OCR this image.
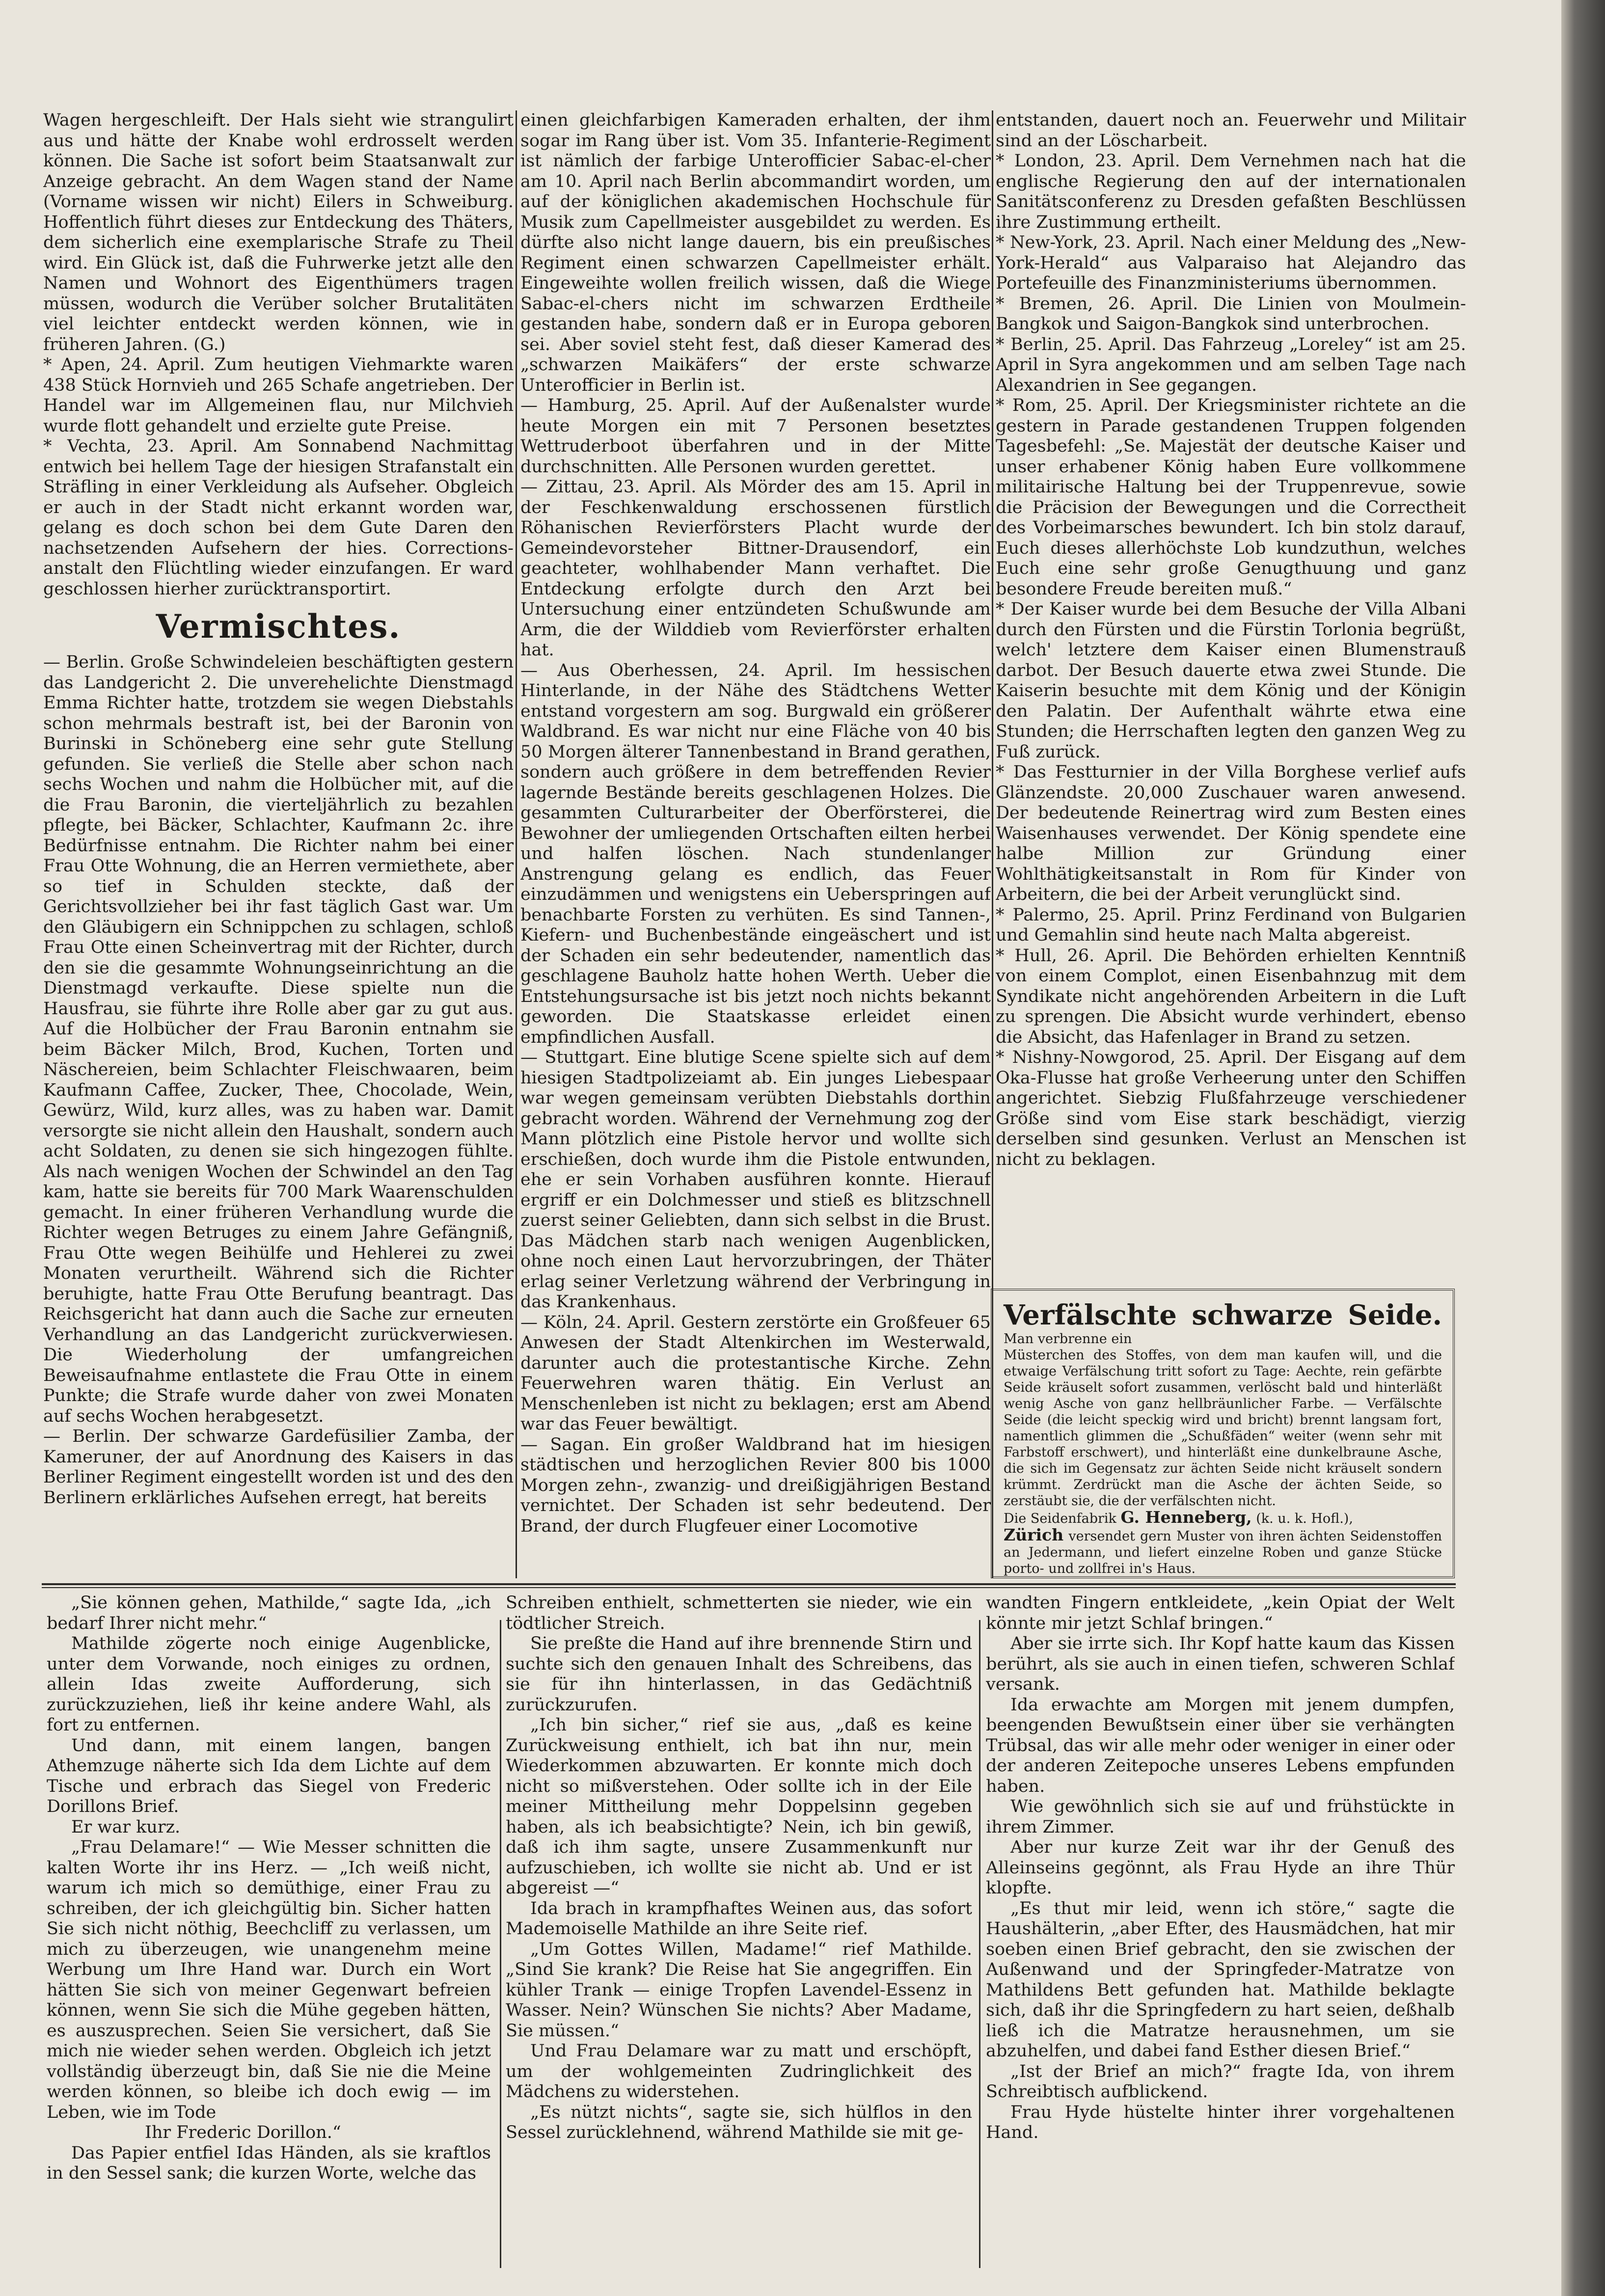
Wagen hergeschleift. Der Hals sieht wie strangulirt aus und hätte der Knabe wohl erdrosselt werden können. Die Sache ist sofort beim Staatsanwalt zur Anzeige gebracht. An dem Wagen stand der Name (Vorname wissen wir nicht) Eilers in Schweiburg. Hoffentlich führt dieses zur Entdeckung des Thäters, dem sicherlich eine exemplarische Strafe zu Theil wird. Ein Glück ist, daß die Fuhrwerke jetzt alle den Namen und Wohnort des Eigenthümers tragen müssen, wodurch die Verüber solcher Brutalitäten viel leichter entdeckt werden können, wie in früheren Jahren. (G.)

* Apen, 24. April. Zum heutigen Viehmarkte waren 438 Stück Hornvieh und 265 Schafe angetrieben. Der Handel war im Allgemeinen flau, nur Milchvieh wurde flott gehandelt und erzielte gute Preise.

* Vechta, 23. April. Am Sonnabend Nachmittag entwich bei hellem Tage der hiesigen Strafanstalt ein Sträfling in einer Verkleidung als Aufseher. Obgleich er auch in der Stadt nicht erkannt worden war, gelang es doch schon bei dem Gute Daren den nachsetzenden Aufsehern der hies. Corrections-anstalt den Flüchtling wieder einzufangen. Er ward geschlossen hierher zurücktransportirt.

Vermischtes.

— Berlin. Große Schwindeleien beschäftigten gestern das Landgericht 2. Die unverehelichte Dienstmagd Emma Richter hatte, trotzdem sie wegen Diebstahls schon mehrmals bestraft ist, bei der Baronin von Burinski in Schöneberg eine sehr gute Stellung gefunden. Sie verließ die Stelle aber schon nach sechs Wochen und nahm die Holbücher mit, auf die die Frau Baronin, die vierteljährlich zu bezahlen pflegte, bei Bäcker, Schlachter, Kaufmann 2c. ihre Bedürfnisse entnahm. Die Richter nahm bei einer Frau Otte Wohnung, die an Herren vermiethete, aber so tief in Schulden steckte, daß der Gerichtsvollzieher bei ihr fast täglich Gast war. Um den Gläubigern ein Schnippchen zu schlagen, schloß Frau Otte einen Scheinvertrag mit der Richter, durch den sie die gesammte Wohnungseinrichtung an die Dienstmagd verkaufte. Diese spielte nun die Hausfrau, sie führte ihre Rolle aber gar zu gut aus. Auf die Holbücher der Frau Baronin entnahm sie beim Bäcker Milch, Brod, Kuchen, Torten und Näschereien, beim Schlachter Fleischwaaren, beim Kaufmann Caffee, Zucker, Thee, Chocolade, Wein, Gewürz, Wild, kurz alles, was zu haben war. Damit versorgte sie nicht allein den Haushalt, sondern auch acht Soldaten, zu denen sie sich hingezogen fühlte. Als nach wenigen Wochen der Schwindel an den Tag kam, hatte sie bereits für 700 Mark Waarenschulden gemacht. In einer früheren Verhandlung wurde die Richter wegen Betruges zu einem Jahre Gefängniß, Frau Otte wegen Beihülfe und Hehlerei zu zwei Monaten verurtheilt. Während sich die Richter beruhigte, hatte Frau Otte Berufung beantragt. Das Reichsgericht hat dann auch die Sache zur erneuten Verhandlung an das Landgericht zurückverwiesen. Die Wiederholung der umfangreichen Beweisaufnahme entlastete die Frau Otte in einem Punkte; die Strafe wurde daher von zwei Monaten auf sechs Wochen herabgesetzt.

— Berlin. Der schwarze Gardefüsilier Zamba, der Kameruner, der auf Anordnung des Kaisers in das Berliner Regiment eingestellt worden ist und des den Berlinern erklärliches Aufsehen erregt, hat bereits

einen gleichfarbigen Kameraden erhalten, der ihm sogar im Rang über ist. Vom 35. Infanterie-Regiment ist nämlich der farbige Unterofficier Sabac-el-cher am 10. April nach Berlin abcommandirt worden, um auf der königlichen akademischen Hochschule für Musik zum Capellmeister ausgebildet zu werden. Es dürfte also nicht lange dauern, bis ein preußisches Regiment einen schwarzen Capellmeister erhält. Eingeweihte wollen freilich wissen, daß die Wiege Sabac-el-chers nicht im schwarzen Erdtheile gestanden habe, sondern daß er in Europa geboren sei. Aber soviel steht fest, daß dieser Kamerad des „schwarzen Maikäfers“ der erste schwarze Unterofficier in Berlin ist.

— Hamburg, 25. April. Auf der Außenalster wurde heute Morgen ein mit 7 Personen besetztes Wettruderboot überfahren und in der Mitte durchschnitten. Alle Personen wurden gerettet.

— Zittau, 23. April. Als Mörder des am 15. April in der Feschkenwaldung erschossenen fürstlich Röhanischen Revierförsters Placht wurde der Gemeindevorsteher Bittner-Drausendorf, ein geachteter, wohlhabender Mann verhaftet. Die Entdeckung erfolgte durch den Arzt bei Untersuchung einer entzündeten Schußwunde am Arm, die der Wilddieb vom Revierförster erhalten hat.

— Aus Oberhessen, 24. April. Im hessischen Hinterlande, in der Nähe des Städtchens Wetter entstand vorgestern am sog. Burgwald ein größerer Waldbrand. Es war nicht nur eine Fläche von 40 bis 50 Morgen älterer Tannenbestand in Brand gerathen, sondern auch größere in dem betreffenden Revier lagernde Bestände bereits geschlagenen Holzes. Die gesammten Culturarbeiter der Oberförsterei, die Bewohner der umliegenden Ortschaften eilten herbei und halfen löschen. Nach stundenlanger Anstrengung gelang es endlich, das Feuer einzudämmen und wenigstens ein Ueberspringen auf benachbarte Forsten zu verhüten. Es sind Tannen-, Kiefern- und Buchenbestände eingeäschert und ist der Schaden ein sehr bedeutender, namentlich das geschlagene Bauholz hatte hohen Werth. Ueber die Entstehungsursache ist bis jetzt noch nichts bekannt geworden. Die Staatskasse erleidet einen empfindlichen Ausfall.

— Stuttgart. Eine blutige Scene spielte sich auf dem hiesigen Stadtpolizeiamt ab. Ein junges Liebespaar war wegen gemeinsam verübten Diebstahls dorthin gebracht worden. Während der Vernehmung zog der Mann plötzlich eine Pistole hervor und wollte sich erschießen, doch wurde ihm die Pistole entwunden, ehe er sein Vorhaben ausführen konnte. Hierauf ergriff er ein Dolchmesser und stieß es blitzschnell zuerst seiner Geliebten, dann sich selbst in die Brust. Das Mädchen starb nach wenigen Augenblicken, ohne noch einen Laut hervorzubringen, der Thäter erlag seiner Verletzung während der Verbringung in das Krankenhaus.

— Köln, 24. April. Gestern zerstörte ein Großfeuer 65 Anwesen der Stadt Altenkirchen im Westerwald, darunter auch die protestantische Kirche. Zehn Feuerwehren waren thätig. Ein Verlust an Menschenleben ist nicht zu beklagen; erst am Abend war das Feuer bewältigt.

— Sagan. Ein großer Waldbrand hat im hiesigen städtischen und herzoglichen Revier 800 bis 1000 Morgen zehn-, zwanzig- und dreißigjährigen Bestand vernichtet. Der Schaden ist sehr bedeutend. Der Brand, der durch Flugfeuer einer Locomotive

entstanden, dauert noch an. Feuerwehr und Militair sind an der Löscharbeit.

* London, 23. April. Dem Vernehmen nach hat die englische Regierung den auf der internationalen Sanitätsconferenz zu Dresden gefaßten Beschlüssen ihre Zustimmung ertheilt.

* New-York, 23. April. Nach einer Meldung des „New-York-Herald“ aus Valparaiso hat Alejandro das Portefeuille des Finanzministeriums übernommen.

* Bremen, 26. April. Die Linien von Moulmein-Bangkok und Saigon-Bangkok sind unterbrochen.

* Berlin, 25. April. Das Fahrzeug „Loreley“ ist am 25. April in Syra angekommen und am selben Tage nach Alexandrien in See gegangen.

* Rom, 25. April. Der Kriegsminister richtete an die gestern in Parade gestandenen Truppen folgenden Tagesbefehl: „Se. Majestät der deutsche Kaiser und unser erhabener König haben Eure vollkommene militairische Haltung bei der Truppenrevue, sowie die Präcision der Bewegungen und die Correctheit des Vorbeimarsches bewundert. Ich bin stolz darauf, Euch dieses allerhöchste Lob kundzuthun, welches Euch eine sehr große Genugthuung und ganz besondere Freude bereiten muß.“

* Der Kaiser wurde bei dem Besuche der Villa Albani durch den Fürsten und die Fürstin Torlonia begrüßt, welch' letztere dem Kaiser einen Blumenstrauß darbot. Der Besuch dauerte etwa zwei Stunde. Die Kaiserin besuchte mit dem König und der Königin den Palatin. Der Aufenthalt währte etwa eine Stunden; die Herrschaften legten den ganzen Weg zu Fuß zurück.

* Das Festturnier in der Villa Borghese verlief aufs Glänzendste. 20,000 Zuschauer waren anwesend. Der bedeutende Reinertrag wird zum Besten eines Waisenhauses verwendet. Der König spendete eine halbe Million zur Gründung einer Wohlthätigkeitsanstalt in Rom für Kinder von Arbeitern, die bei der Arbeit verunglückt sind.

* Palermo, 25. April. Prinz Ferdinand von Bulgarien und Gemahlin sind heute nach Malta abgereist.

* Hull, 26. April. Die Behörden erhielten Kenntniß von einem Complot, einen Eisenbahnzug mit dem Syndikate nicht angehörenden Arbeitern in die Luft zu sprengen. Die Absicht wurde verhindert, ebenso die Absicht, das Hafenlager in Brand zu setzen.

* Nishny-Nowgorod, 25. April. Der Eisgang auf dem Oka-Flusse hat große Verheerung unter den Schiffen angerichtet. Siebzig Flußfahrzeuge verschiedener Größe sind vom Eise stark beschädigt, vierzig derselben sind gesunken. Verlust an Menschen ist nicht zu beklagen.

Verfälschte schwarze Seide. Man verbrenne ein
Müsterchen des Stoffes, von dem man kaufen will, und die etwaige Verfälschung tritt sofort zu Tage: Aechte, rein gefärbte Seide kräuselt sofort zusammen, verlöscht bald und hinterläßt wenig Asche von ganz hellbräunlicher Farbe. — Verfälschte Seide (die leicht speckig wird und bricht) brennt langsam fort, namentlich glimmen die „Schußfäden“ weiter (wenn sehr mit Farbstoff erschwert), und hinterläßt eine dunkelbraune Asche, die sich im Gegensatz zur ächten Seide nicht kräuselt sondern krümmt. Zerdrückt man die Asche der ächten Seide, so zerstäubt sie, die der verfälschten nicht.
Die Seidenfabrik G. Henneberg, (k. u. k. Hofl.),
Zürich versendet gern Muster von ihren ächten Seidenstoffen an Jedermann, und liefert einzelne Roben und ganze Stücke porto- und zollfrei in's Haus.

„Sie können gehen, Mathilde,“ sagte Ida, „ich bedarf Ihrer nicht mehr.“

Mathilde zögerte noch einige Augenblicke, unter dem Vorwande, noch einiges zu ordnen, allein Idas zweite Aufforderung, sich zurückzuziehen, ließ ihr keine andere Wahl, als fort zu entfernen.

Und dann, mit einem langen, bangen Athemzuge näherte sich Ida dem Lichte auf dem Tische und erbrach das Siegel von Frederic Dorillons Brief.

Er war kurz.

„Frau Delamare!“ — Wie Messer schnitten die kalten Worte ihr ins Herz. — „Ich weiß nicht, warum ich mich so demüthige, einer Frau zu schreiben, der ich gleichgültig bin. Sicher hatten Sie sich nicht nöthig, Beechcliff zu verlassen, um mich zu überzeugen, wie unangenehm meine Werbung um Ihre Hand war. Durch ein Wort hätten Sie sich von meiner Gegenwart befreien können, wenn Sie sich die Mühe gegeben hätten, es auszusprechen. Seien Sie versichert, daß Sie mich nie wieder sehen werden. Obgleich ich jetzt vollständig überzeugt bin, daß Sie nie die Meine werden können, so bleibe ich doch ewig — im Leben, wie im Tode

Ihr Frederic Dorillon.“

Das Papier entfiel Idas Händen, als sie kraftlos in den Sessel sank; die kurzen Worte, welche das

Schreiben enthielt, schmetterten sie nieder, wie ein tödtlicher Streich.

Sie preßte die Hand auf ihre brennende Stirn und suchte sich den genauen Inhalt des Schreibens, das sie für ihn hinterlassen, in das Gedächtniß zurückzurufen.

„Ich bin sicher,“ rief sie aus, „daß es keine Zurückweisung enthielt, ich bat ihn nur, mein Wiederkommen abzuwarten. Er konnte mich doch nicht so mißverstehen. Oder sollte ich in der Eile meiner Mittheilung mehr Doppelsinn gegeben haben, als ich beabsichtigte? Nein, ich bin gewiß, daß ich ihm sagte, unsere Zusammenkunft nur aufzuschieben, ich wollte sie nicht ab. Und er ist abgereist —“

Ida brach in krampfhaftes Weinen aus, das sofort Mademoiselle Mathilde an ihre Seite rief.

„Um Gottes Willen, Madame!“ rief Mathilde. „Sind Sie krank? Die Reise hat Sie angegriffen. Ein kühler Trank — einige Tropfen Lavendel-Essenz in Wasser. Nein? Wünschen Sie nichts? Aber Madame, Sie müssen.“

Und Frau Delamare war zu matt und erschöpft, um der wohlgemeinten Zudringlichkeit des Mädchens zu widerstehen.

„Es nützt nichts“, sagte sie, sich hülflos in den Sessel zurücklehnend, während Mathilde sie mit ge-

wandten Fingern entkleidete, „kein Opiat der Welt könnte mir jetzt Schlaf bringen.“

Aber sie irrte sich. Ihr Kopf hatte kaum das Kissen berührt, als sie auch in einen tiefen, schweren Schlaf versank.

Ida erwachte am Morgen mit jenem dumpfen, beengenden Bewußtsein einer über sie verhängten Trübsal, das wir alle mehr oder weniger in einer oder der anderen Zeitepoche unseres Lebens empfunden haben.

Wie gewöhnlich sich sie auf und frühstückte in ihrem Zimmer.

Aber nur kurze Zeit war ihr der Genuß des Alleinseins gegönnt, als Frau Hyde an ihre Thür klopfte.

„Es thut mir leid, wenn ich störe,“ sagte die Haushälterin, „aber Efter, des Hausmädchen, hat mir soeben einen Brief gebracht, den sie zwischen der Außenwand und der Springfeder-Matratze von Mathildens Bett gefunden hat. Mathilde beklagte sich, daß ihr die Springfedern zu hart seien, deßhalb ließ ich die Matratze herausnehmen, um sie abzuhelfen, und dabei fand Esther diesen Brief.“

„Ist der Brief an mich?“ fragte Ida, von ihrem Schreibtisch aufblickend.

Frau Hyde hüstelte hinter ihrer vorgehaltenen Hand.
